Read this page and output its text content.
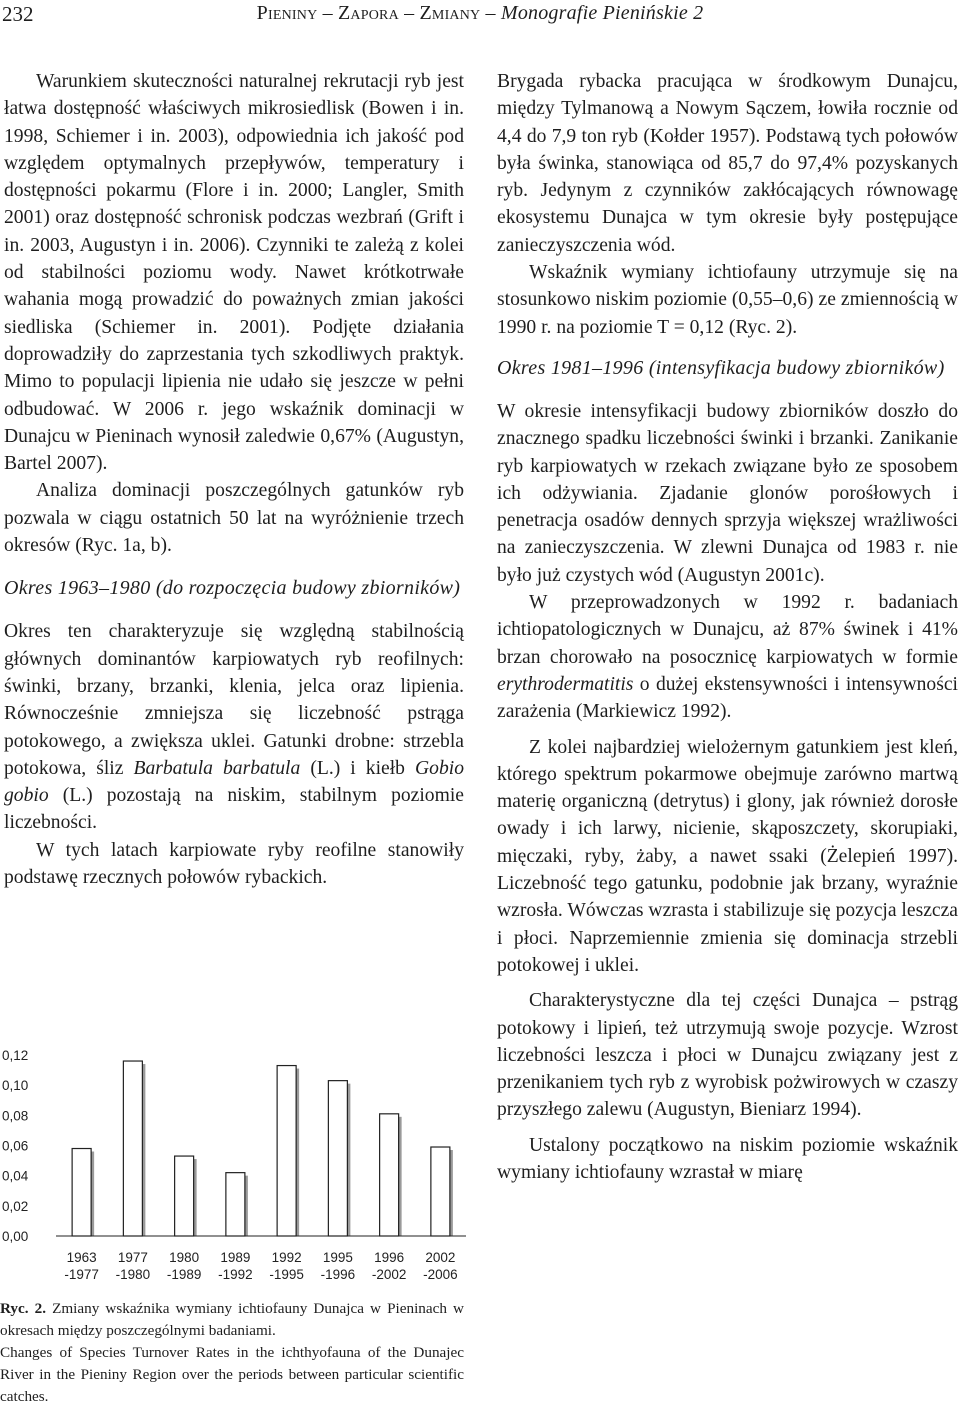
232	Pieniny – Zapora – Zmiany – Monografie Pienińskie 2

Warunkiem skuteczności naturalnej rekrutacji ryb jest łatwa dostępność właściwych mikrosiedlisk (Bowen i in. 1998, Schiemer i in. 2003), odpowiednia ich jakość pod względem optymalnych przepływów, temperatury i dostępności pokarmu (Flore i in. 2000; Langler, Smith 2001) oraz dostępność schronisk podczas wezbrań (Grift i in. 2003, Augustyn i in. 2006). Czynniki te zależą z kolei od stabilności poziomu wody. Nawet krótkotrwałe wahania mogą prowadzić do poważnych zmian jakości siedliska (Schiemer in. 2001). Podjęte działania doprowadziły do zaprzestania tych szkodliwych praktyk. Mimo to populacji lipienia nie udało się jeszcze w pełni odbudować. W 2006 r. jego wskaźnik dominacji w Dunajcu w Pieninach wynosił zaledwie 0,67% (Augustyn, Bartel 2007).

Analiza dominacji poszczególnych gatunków ryb pozwala w ciągu ostatnich 50 lat na wyróżnienie trzech okresów (Ryc. 1a, b).

Okres 1963–1980 (do rozpoczęcia budowy zbiorników)

Okres ten charakteryzuje się względną stabilnością głównych dominantów karpiowatych ryb reofilnych: świnki, brzany, brzanki, klenia, jelca oraz lipienia. Równocześnie zmniejsza się liczebność pstrąga potokowego, a zwiększa uklei. Gatunki drobne: strzebla potokowa, śliz Barbatula barbatula (L.) i kiełb Gobio gobio (L.) pozostają na niskim, stabilnym poziomie liczebności.

W tych latach karpiowate ryby reofilne stanowiły podstawę rzecznych połowów rybackich.

0,00
0,02
0,04
0,06
0,08
0,10
0,12
1963
-1977
1977
-1980
1980
-1989
1989
-1992
1992
-1995
1995
-1996
1996
-2002
2002
-2006
Ryc. 2. Zmiany wskaźnika wymiany ichtiofauny Dunajca w Pieninach w okresach między poszczególnymi badaniami.
Changes of Species Turnover Rates in the ichthyofauna of the Dunajec River in the Pieniny Region over the periods between particular scientific catches.

Brygada rybacka pracująca w środkowym Dunajcu, między Tylmanową a Nowym Sączem, łowiła rocznie od 4,4 do 7,9 ton ryb (Kołder 1957). Podstawą tych połowów była świnka, stanowiąca od 85,7 do 97,4% pozyskanych ryb. Jedynym z czynników zakłócających równowagę ekosystemu Dunajca w tym okresie były postępujące zanieczyszczenia wód.

Wskaźnik wymiany ichtiofauny utrzymuje się na stosunkowo niskim poziomie (0,55–0,6) ze zmiennością w 1990 r. na poziomie T = 0,12 (Ryc. 2).

Okres 1981–1996 (intensyfikacja budowy zbiorników)

W okresie intensyfikacji budowy zbiorników doszło do znacznego spadku liczebności świnki i brzanki. Zanikanie ryb karpiowatych w rzekach związane było ze sposobem ich odżywiania. Zjadanie glonów porośłowych i penetracja osadów dennych sprzyja większej wrażliwości na zanieczyszczenia. W zlewni Dunajca od 1983 r. nie było już czystych wód (Augustyn 2001c).

W przeprowadzonych w 1992 r. badaniach ichtiopatologicznych w Dunajcu, aż 87% świnek i 41% brzan chorowało na posocznicę karpiowatych w formie erythrodermatitis o dużej ekstensywności i intensywności zarażenia (Markiewicz 1992).

Z kolei najbardziej wielożernym gatunkiem jest kleń, którego spektrum pokarmowe obejmuje zarówno martwą materię organiczną (detrytus) i glony, jak również dorosłe owady i ich larwy, nicienie, skąposzczety, skorupiaki, mięczaki, ryby, żaby, a nawet ssaki (Żelepień 1997). Liczebność tego gatunku, podobnie jak brzany, wyraźnie wzrosła. Wówczas wzrasta i stabilizuje się pozycja leszcza i płoci. Naprzemiennie zmienia się dominacja strzebli potokowej i uklei.

Charakterystyczne dla tej części Dunajca – pstrąg potokowy i lipień, też utrzymują swoje pozycje. Wzrost liczebności leszcza i płoci w Dunajcu związany jest z przenikaniem tych ryb z wyrobisk pożwirowych w czaszy przyszłego zalewu (Augustyn, Bieniarz 1994).

Ustalony początkowo na niskim poziomie wskaźnik wymiany ichtiofauny wzrastał w miarę
